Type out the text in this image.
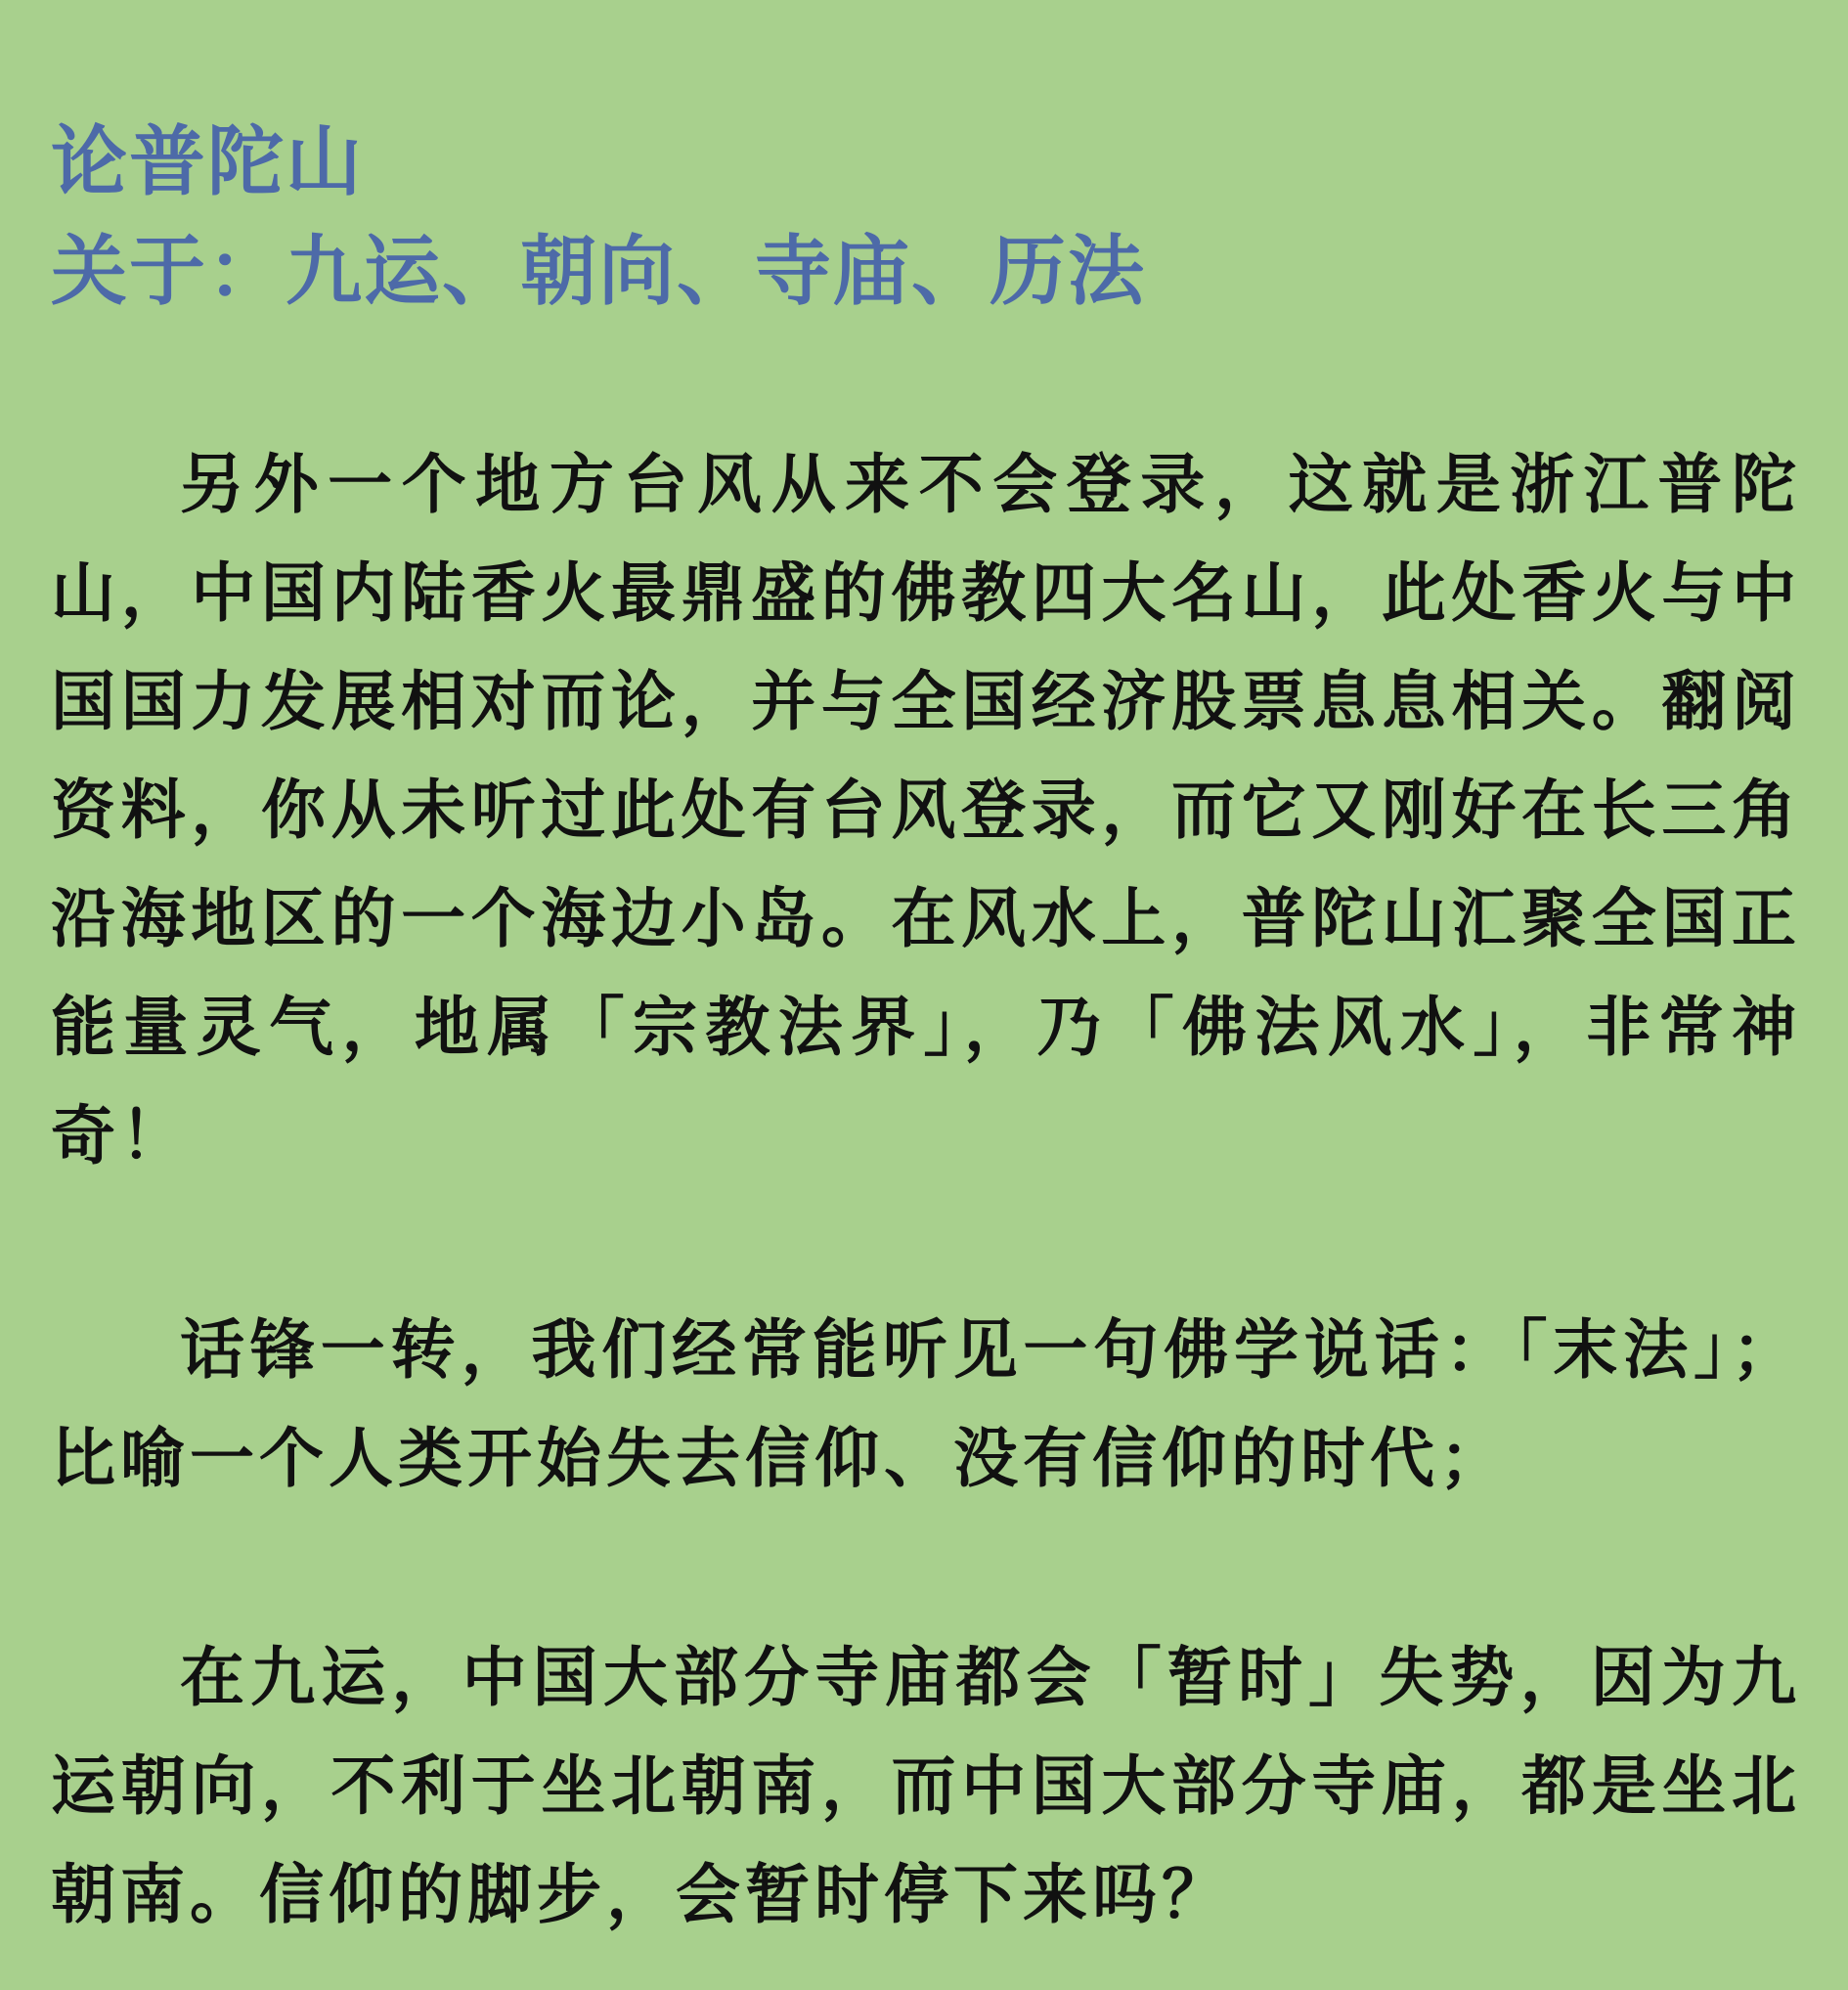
论普陀山
关于：九运、朝向、寺庙、历法

另外一个地方台风从来不会登录，这就是浙江普陀山，中国内陆香火最鼎盛的佛教四大名山，此处香火与中国国力发展相对而论，并与全国经济股票息息相关。翻阅资料，你从未听过此处有台风登录，而它又刚好在长三角沿海地区的一个海边小岛。在风水上，普陀山汇聚全国正能量灵气，地属「宗教法界」，乃「佛法风水」，非常神奇！

话锋一转，我们经常能听见一句佛学说话：「末法」；比喻一个人类开始失去信仰、没有信仰的时代；

在九运，中国大部分寺庙都会「暂时」失势，因为九运朝向，不利于坐北朝南，而中国大部分寺庙，都是坐北朝南。信仰的脚步，会暂时停下来吗？
